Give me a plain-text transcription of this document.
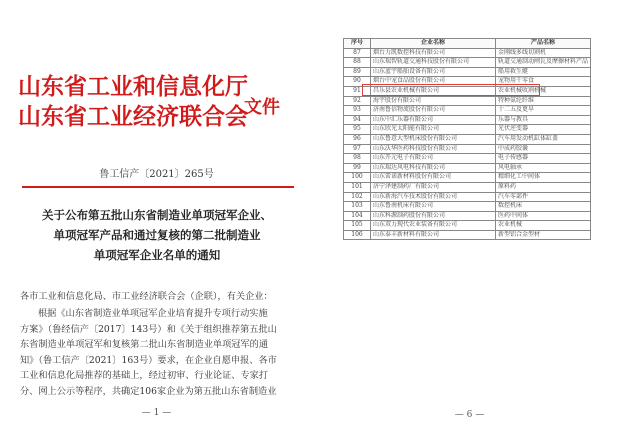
山东省工业和信息化厅
山东省工业经济联合会
文件
鲁工信产〔2021〕265号
关于公布第五批山东省制造业单项冠军企业、
单项冠军产品和通过复核的第二批制造业
单项冠军企业名单的通知
各市工业和信息化局、市工业经济联合会（企联），有关企业：
根据《山东省制造业单项冠军企业培育提升专项行动实施
方案》（鲁经信产〔2017〕143号）和《关于组织推荐第五批山
东省制造业单项冠军和复核第二批山东省制造业单项冠军的通
知》（鲁工信产〔2021〕163号）要求，在企业自愿申报、各市
工业和信息化局推荐的基础上，经过初审、行业论证、专家打
分、网上公示等程序，共确定106家企业为第五批山东省制造业
— 1 —
序号	企业名称	产品名称
87	烟台力凯数控科技有限公司	金刚线多线切割机
88	山东瑞智轨道交通科技股份有限公司	轨道交通制动闸瓦及摩擦材料产品
89	山东蓝宇船舶设备有限公司	船用救生艇
90	烟台中宠食品股份有限公司	宠物用干零食
91	昌乐县农业机械有限公司	农业机械收割机械
92	海宇股份有限公司	特种氨纶纤维
93	济南鲁信物流股份有限公司	十二五及更早
94	山东中汇乐器有限公司	乐器与教具
95	山东欣光太阳能有限公司	光伏逆变器
96	山东鲁意大型机床股份有限公司	汽车用发动机缸体缸盖
97	山东沃华医药科技股份有限公司	中成药胶囊
98	山东开元电子有限公司	电子传感器
99	山东瑞达风电科技有限公司	风电轴承
100	山东雷诺新材料股份有限公司	精细化工中间体
101	济宁泽建制药厂有限公司	原料药
102	山东新海汽车技术股份有限公司	汽车零部件
103	山东鲁南机床有限公司	数控机床
104	山东科源制药股份有限公司	医药中间体
105	山东双力现代农业装备有限公司	农业机械
106	山东泰丰新材料有限公司	新型铝合金型材
— 6 —
